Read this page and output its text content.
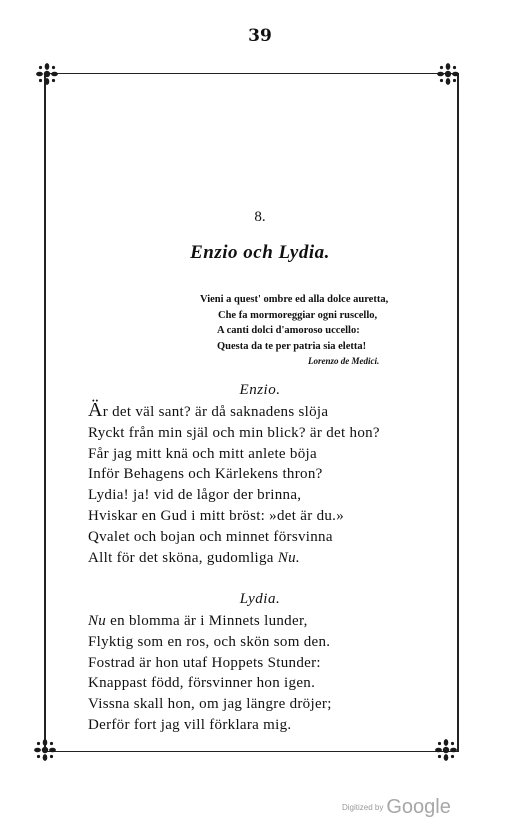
39
8.
Enzio och Lydia.
Vieni a quest' ombre ed alla dolce auretta,
Che fa mormoreggiar ogni ruscello,
A canti dolci d'amoroso uccello:
Questa da te per patria sia eletta!
Lorenzo de Medici.
Enzio.
Är det väl sant? är då saknadens slöja
Ryckt från min själ och min blick? är det hon?
Får jag mitt knä och mitt anlete böja
Inför Behagens och Kärlekens thron?
Lydia! ja! vid de lågor der brinna,
Hviskar en Gud i mitt bröst: »det är du.»
Qvalet och bojan och minnet försvinna
Allt för det sköna, gudomliga Nu.
Lydia.
Nu en blomma är i Minnets lunder,
Flyktig som en ros, och skön som den.
Fostrad är hon utaf Hoppets Stunder:
Knappast född, försvinner hon igen.
Vissna skall hon, om jag längre dröjer;
Derför fort jag vill förklara mig.
Digitized by Google
